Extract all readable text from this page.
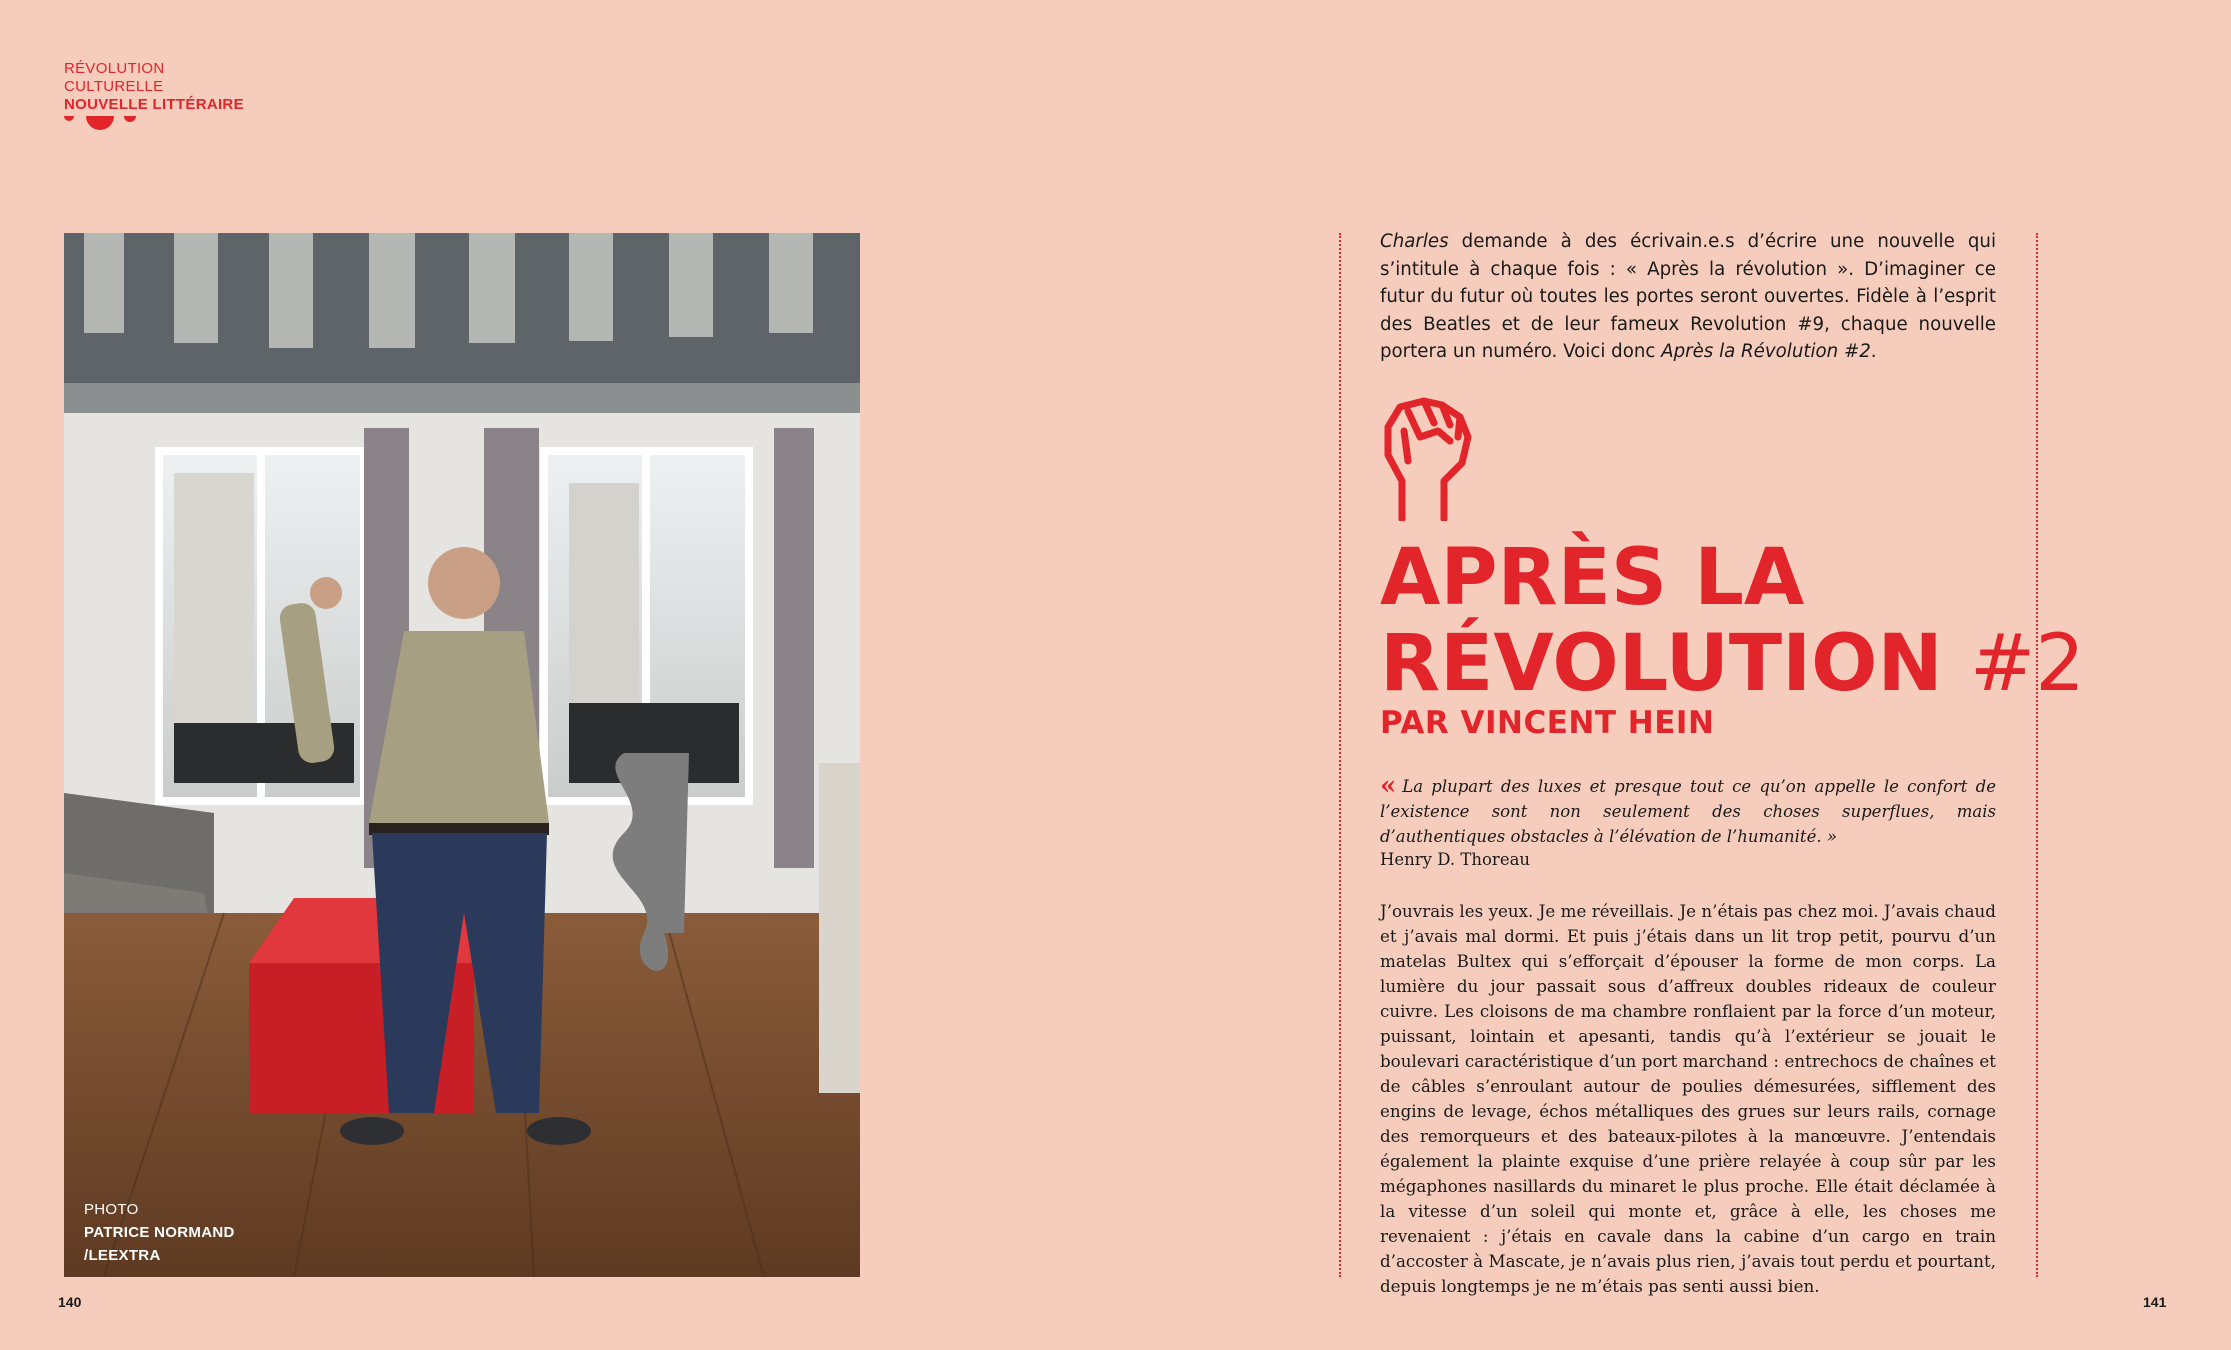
RÉVOLUTION
CULTURELLE
NOUVELLE LITTÉRAIRE
PHOTO
PATRICE NORMAND
/LEEXTRA
140
Charles demande à des écrivain.e.s d’écrire une nouvelle qui s’intitule à chaque fois : « Après la révolution ». D’imaginer ce futur du futur où toutes les portes seront ouvertes. Fidèle à l’esprit des Beatles et de leur fameux Revolution #9, chaque nouvelle portera un numéro. Voici donc Après la Révolution #2.
APRÈS LA
RÉVOLUTION #2
PAR VINCENT HEIN
« La plupart des luxes et presque tout ce qu’on appelle le confort de l’existence sont non seulement des choses superflues, mais d’authentiques obstacles à l’élévation de l’humanité. »
Henry D. Thoreau
J’ouvrais les yeux. Je me réveillais. Je n’étais pas chez moi. J’avais chaud et j’avais mal dormi. Et puis j’étais dans un lit trop petit, pourvu d’un matelas Bultex qui s’efforçait d’épouser la forme de mon corps. La lumière du jour passait sous d’affreux doubles rideaux de couleur cuivre. Les cloisons de ma chambre ronflaient par la force d’un moteur, puissant, lointain et apesanti, tandis qu’à l’extérieur se jouait le boulevari caractéristique d’un port marchand : entrechocs de chaînes et de câbles s’enroulant autour de poulies démesurées, sifflement des engins de levage, échos métalliques des grues sur leurs rails, cornage des remorqueurs et des bateaux-pilotes à la manœuvre. J’entendais également la plainte exquise d’une prière relayée à coup sûr par les mégaphones nasillards du minaret le plus proche. Elle était déclamée à la vitesse d’un soleil qui monte et, grâce à elle, les choses me revenaient : j’étais en cavale dans la cabine d’un cargo en train d’accoster à Mascate, je n’avais plus rien, j’avais tout perdu et pourtant, depuis longtemps je ne m’étais pas senti aussi bien.
141
